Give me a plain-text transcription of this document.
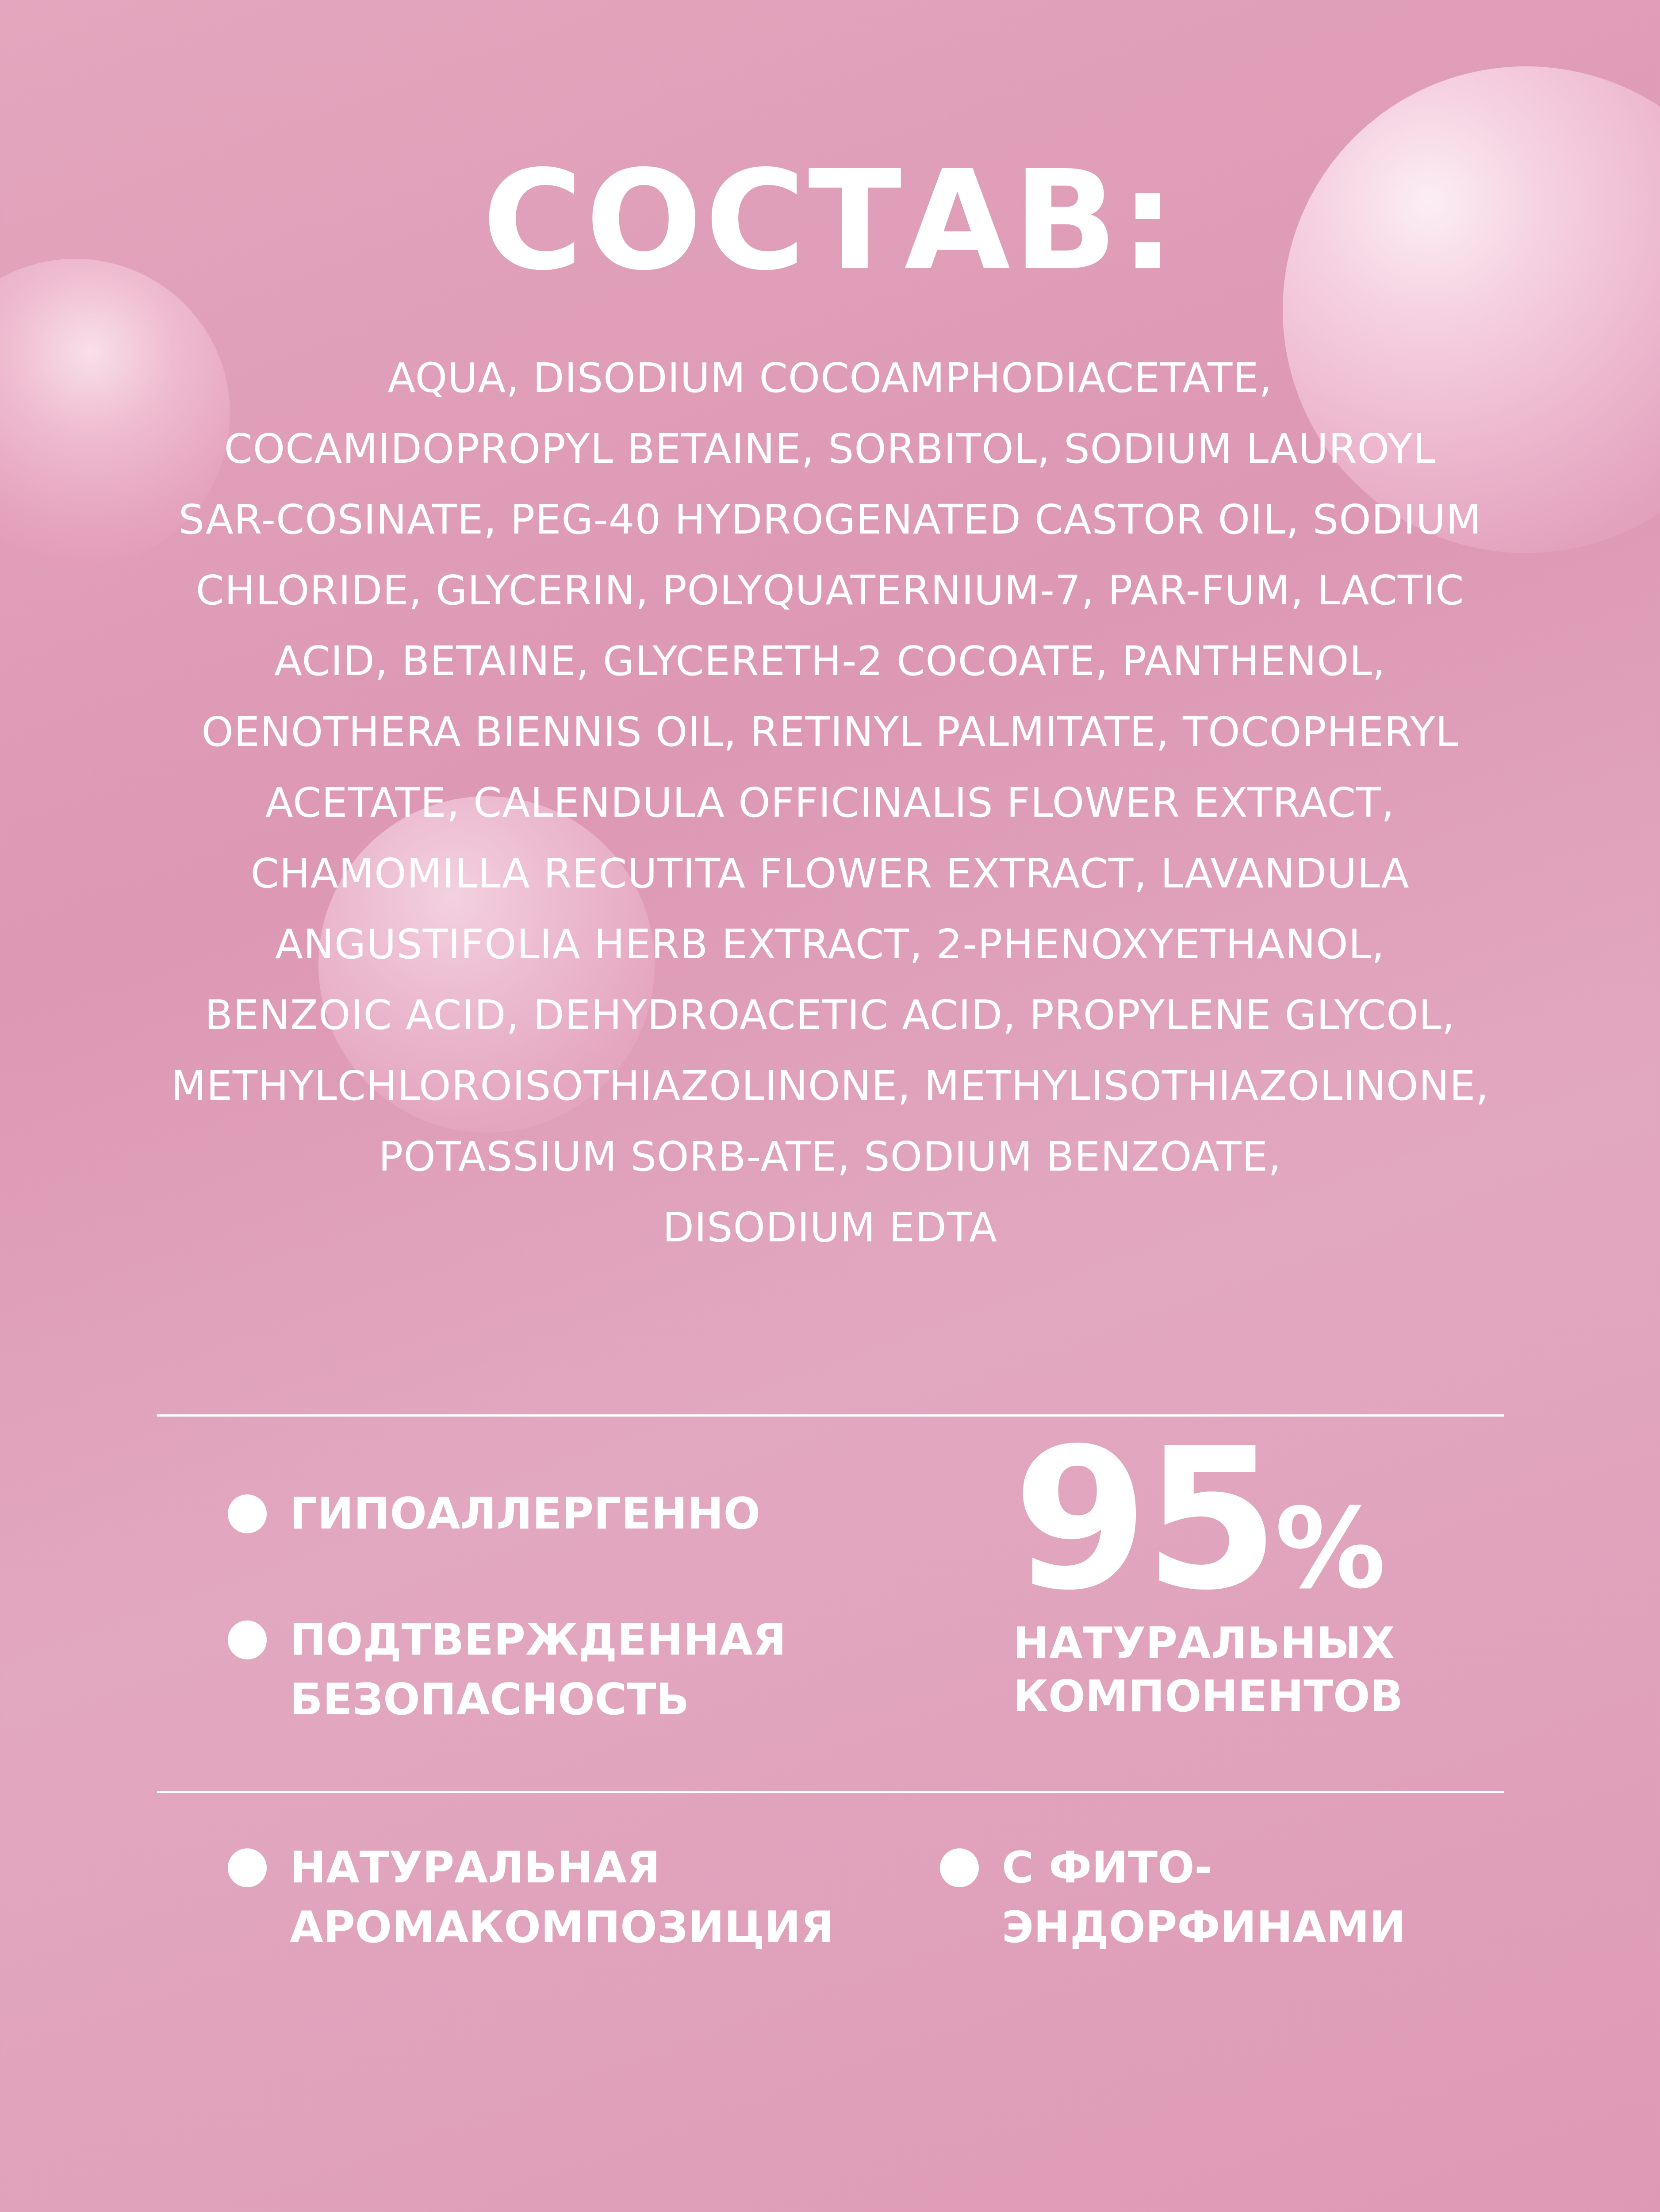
СОСТАВ:
AQUA, DISODIUM COCOAMPHODIACETATE,
COCAMIDOPROPYL BETAINE, SORBITOL, SODIUM LAUROYL
SAR-COSINATE, PEG-40 HYDROGENATED CASTOR OIL, SODIUM
CHLORIDE, GLYCERIN, POLYQUATERNIUM-7, PAR-FUM, LACTIC
ACID, BETAINE, GLYCERETH-2 COCOATE, PANTHENOL,
OENOTHERA BIENNIS OIL, RETINYL PALMITATE, TOCOPHERYL
ACETATE, CALENDULA OFFICINALIS FLOWER EXTRACT,
CHAMOMILLA RECUTITA FLOWER EXTRACT, LAVANDULA
ANGUSTIFOLIA HERB EXTRACT, 2-PHENOXYETHANOL,
BENZOIC ACID, DEHYDROACETIC ACID, PROPYLENE GLYCOL,
METHYLCHLOROISOTHIAZOLINONE, METHYLISOTHIAZOLINONE,
POTASSIUM SORB-ATE, SODIUM BENZOATE,
DISODIUM EDTA
ГИПОАЛЛЕРГЕННО
ПОДТВЕРЖДЕННАЯ
БЕЗОПАСНОСТЬ
95%
НАТУРАЛЬНЫХ
КОМПОНЕНТОВ
НАТУРАЛЬНАЯ
АРОМАКОМПОЗИЦИЯ
С ФИТО-
ЭНДОРФИНАМИ
